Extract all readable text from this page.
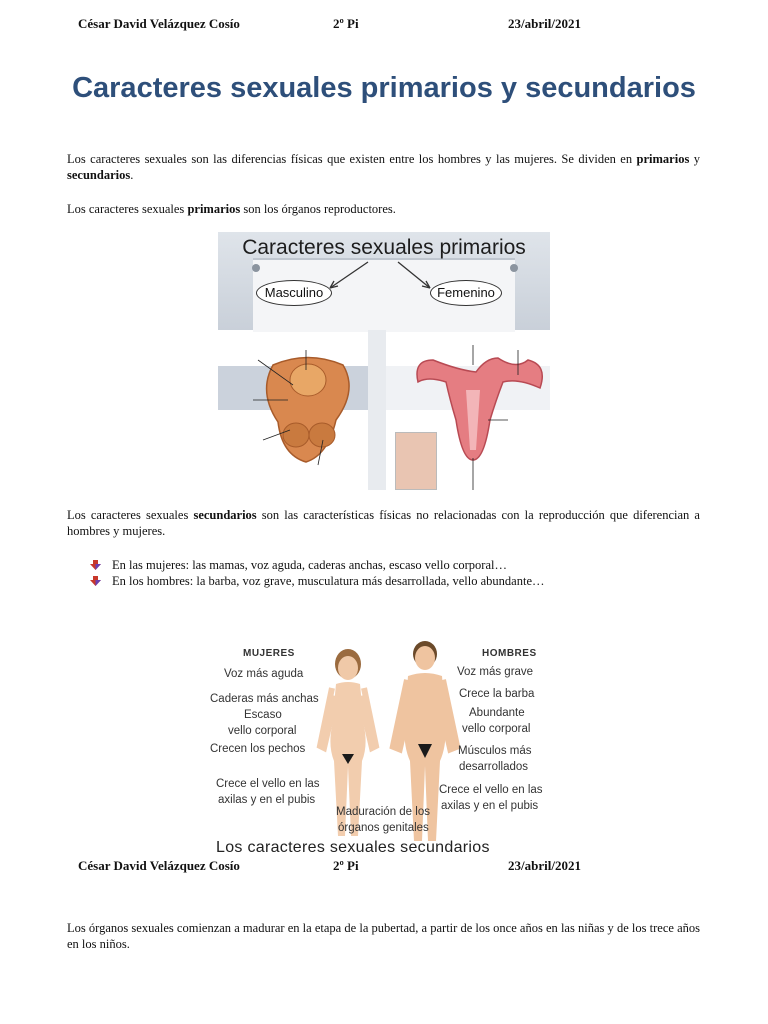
César David Velázquez Cosío	2º Pi	23/abril/2021
Caracteres sexuales primarios y secundarios
Los caracteres sexuales son las diferencias físicas que existen entre los hombres y las mujeres. Se dividen en primarios y secundarios.
Los caracteres sexuales primarios son los órganos reproductores.
Caracteres sexuales primarios
Masculino	Femenino
Los caracteres sexuales secundarios son las características físicas no relacionadas con la reproducción que diferencian a hombres y mujeres.
En las mujeres: las mamas, voz aguda, caderas anchas, escaso vello corporal…
En los hombres: la barba, voz grave, musculatura más desarrollada, vello abundante…
MUJERES	HOMBRES
Voz más aguda
Caderas más anchas
Escaso
vello corporal
Crecen los pechos
Crece el vello en las
axilas y en el pubis
Voz más grave
Crece la barba
Abundante
vello corporal
Músculos más
desarrollados
Crece el vello en las
axilas y en el pubis
Maduración de los
órganos genitales
Los caracteres sexuales secundarios
César David Velázquez Cosío	2º Pi	23/abril/2021
Los órganos sexuales comienzan a madurar en la etapa de la pubertad, a partir de los once años en las niñas y de los trece años en los niños.
